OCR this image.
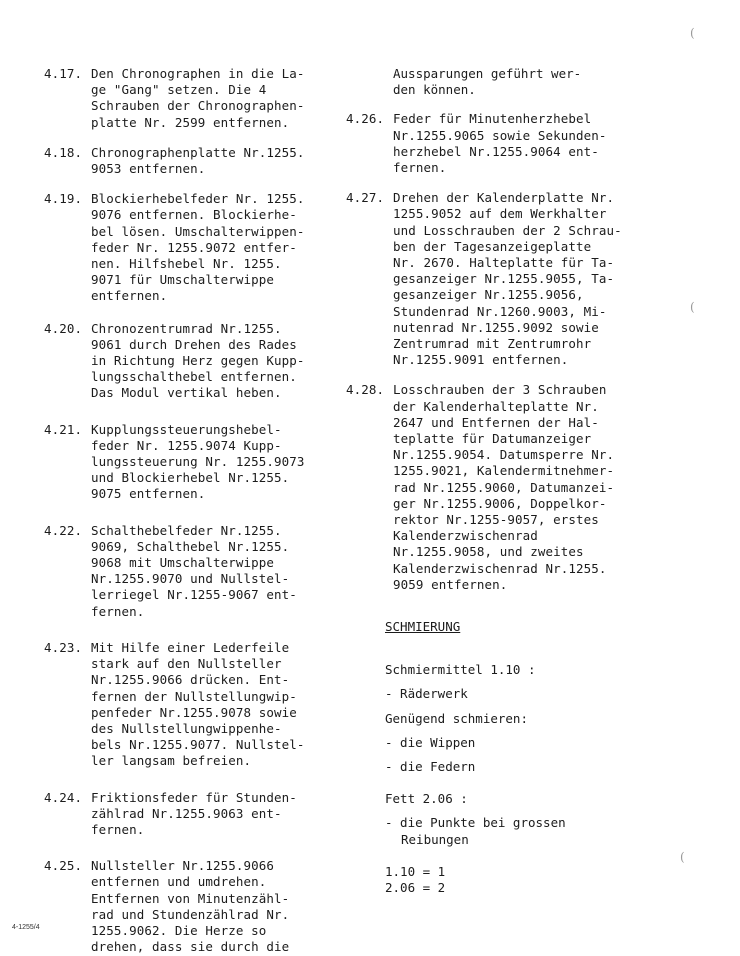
4.17. Den Chronographen in die La-
ge "Gang" setzen. Die 4
Schrauben der Chronographen-
platte Nr. 2599 entfernen.
4.18. Chronographenplatte Nr.1255.
9053 entfernen.
4.19. Blockierhebelfeder Nr. 1255.
9076 entfernen. Blockierhe-
bel lösen. Umschalterwippen-
feder Nr. 1255.9072 entfer-
nen. Hilfshebel Nr. 1255.
9071 für Umschalterwippe
entfernen.
4.20. Chronozentrumrad Nr.1255.
9061 durch Drehen des Rades
in Richtung Herz gegen Kupp-
lungsschalthebel entfernen.
Das Modul vertikal heben.
4.21. Kupplungssteuerungshebel-
feder Nr. 1255.9074 Kupp-
lungssteuerung Nr. 1255.9073
und Blockierhebel Nr.1255.
9075 entfernen.
4.22. Schalthebelfeder Nr.1255.
9069, Schalthebel Nr.1255.
9068 mit Umschalterwippe
Nr.1255.9070 und Nullstel-
lerriegel Nr.1255-9067 ent-
fernen.
4.23. Mit Hilfe einer Lederfeile
stark auf den Nullsteller
Nr.1255.9066 drücken. Ent-
fernen der Nullstellungwip-
penfeder Nr.1255.9078 sowie
des Nullstellungwippenhe-
bels Nr.1255.9077. Nullstel-
ler langsam befreien.
4.24. Friktionsfeder für Stunden-
zählrad Nr.1255.9063 ent-
fernen.
4.25. Nullsteller Nr.1255.9066
entfernen und umdrehen.
Entfernen von Minutenzähl-
rad und Stundenzählrad Nr.
1255.9062. Die Herze so
drehen, dass sie durch die
Aussparungen geführt wer-
den können.
4.26. Feder für Minutenherzhebel
Nr.1255.9065 sowie Sekunden-
herzhebel Nr.1255.9064 ent-
fernen.
4.27. Drehen der Kalenderplatte Nr.
1255.9052 auf dem Werkhalter
und Losschrauben der 2 Schrau-
ben der Tagesanzeigeplatte
Nr. 2670. Halteplatte für Ta-
gesanzeiger Nr.1255.9055, Ta-
gesanzeiger Nr.1255.9056,
Stundenrad Nr.1260.9003, Mi-
nutenrad Nr.1255.9092 sowie
Zentrumrad mit Zentrumrohr
Nr.1255.9091 entfernen.
4.28. Losschrauben der 3 Schrauben
der Kalenderhalteplatte Nr.
2647 und Entfernen der Hal-
teplatte für Datumanzeiger
Nr.1255.9054. Datumsperre Nr.
1255.9021, Kalendermitnehmer-
rad Nr.1255.9060, Datumanzei-
ger Nr.1255.9006, Doppelkor-
rektor Nr.1255-9057, erstes
Kalenderzwischenrad
Nr.1255.9058, und zweites
Kalenderzwischenrad Nr.1255.
9059 entfernen.
SCHMIERUNG
Schmiermittel 1.10 :
- Räderwerk
Genügend schmieren:
- die Wippen
- die Federn
Fett 2.06 :
- die Punkte bei grossen
Reibungen
1.10 = 1
2.06 = 2
4-1255/4
(
(
(
